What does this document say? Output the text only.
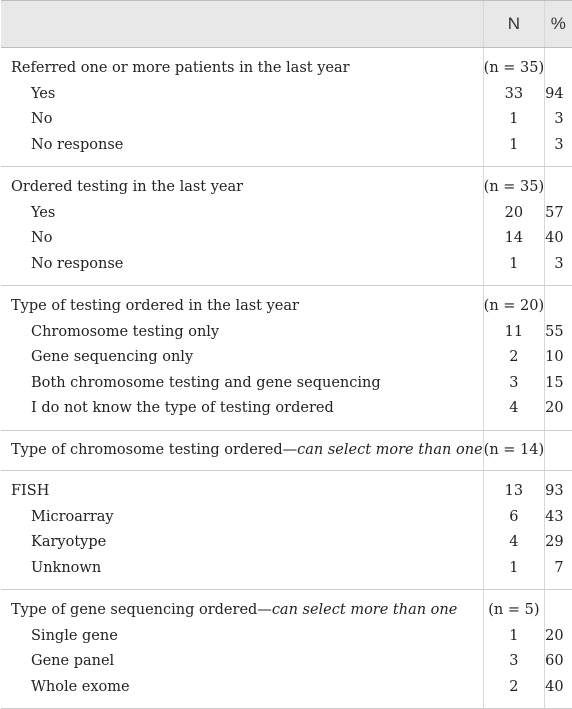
	N	%
Referred one or more patients in the last year	(n = 35)	
Yes	33	94
No	1	3
No response	1	3
Ordered testing in the last year	(n = 35)	
Yes	20	57
No	14	40
No response	1	3
Type of testing ordered in the last year	(n = 20)	
Chromosome testing only	11	55
Gene sequencing only	2	10
Both chromosome testing and gene sequencing	3	15
I do not know the type of testing ordered	4	20
Type of chromosome testing ordered—can select more than one	(n = 14)	
FISH	13	93
Microarray	6	43
Karyotype	4	29
Unknown	1	7
Type of gene sequencing ordered—can select more than one	(n = 5)	
Single gene	1	20
Gene panel	3	60
Whole exome	2	40
